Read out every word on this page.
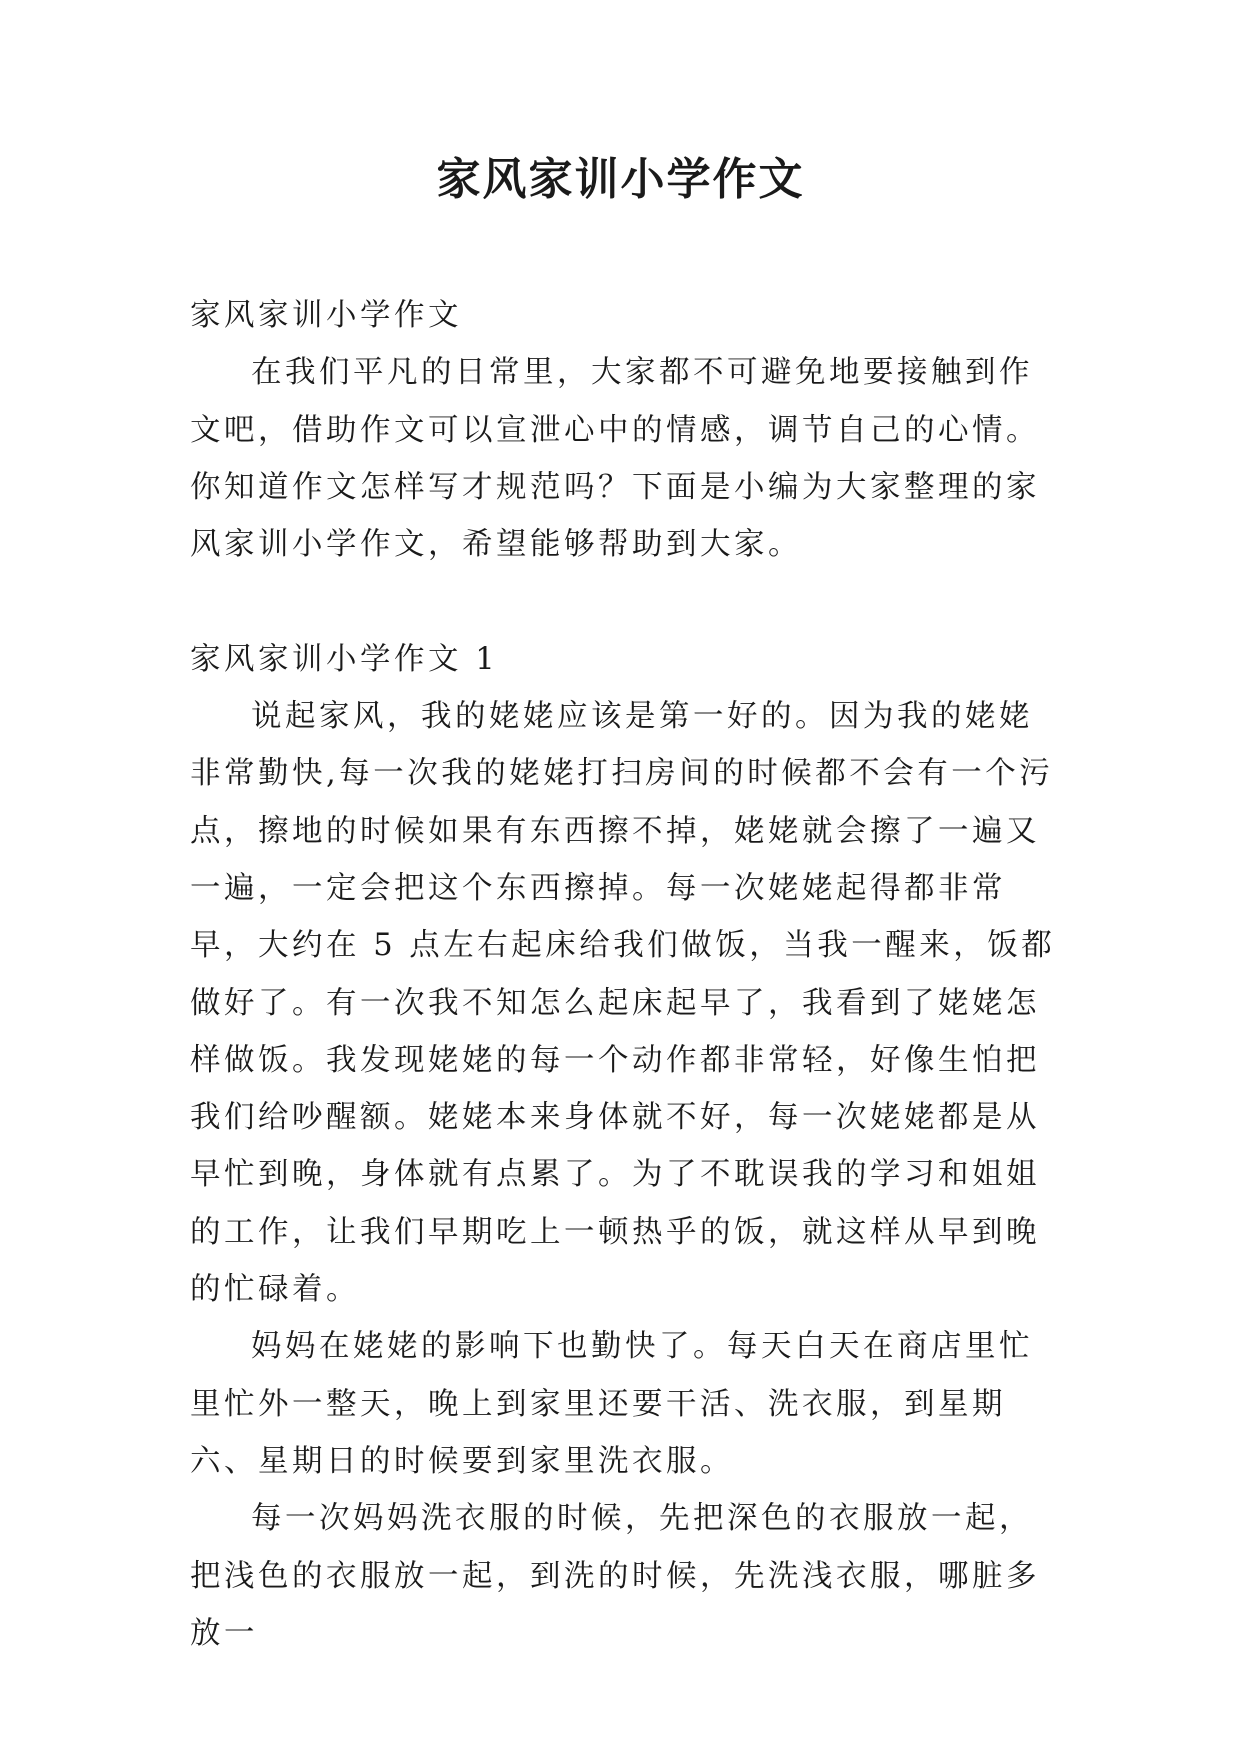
家风家训小学作文

家风家训小学作文

在我们平凡的日常里，大家都不可避免地要接触到作文吧，借助作文可以宣泄心中的情感，调节自己的心情。你知道作文怎样写才规范吗？下面是小编为大家整理的家风家训小学作文，希望能够帮助到大家。

家风家训小学作文 1

说起家风，我的姥姥应该是第一好的。因为我的姥姥非常勤快,每一次我的姥姥打扫房间的时候都不会有一个污点，擦地的时候如果有东西擦不掉，姥姥就会擦了一遍又一遍，一定会把这个东西擦掉。每一次姥姥起得都非常早，大约在 5 点左右起床给我们做饭，当我一醒来，饭都做好了。有一次我不知怎么起床起早了，我看到了姥姥怎样做饭。我发现姥姥的每一个动作都非常轻，好像生怕把我们给吵醒额。姥姥本来身体就不好，每一次姥姥都是从早忙到晚，身体就有点累了。为了不耽误我的学习和姐姐的工作，让我们早期吃上一顿热乎的饭，就这样从早到晚的忙碌着。

妈妈在姥姥的影响下也勤快了。每天白天在商店里忙里忙外一整天，晚上到家里还要干活、洗衣服，到星期六、星期日的时候要到家里洗衣服。

每一次妈妈洗衣服的时候，先把深色的衣服放一起，把浅色的衣服放一起，到洗的时候，先洗浅衣服，哪脏多放一
